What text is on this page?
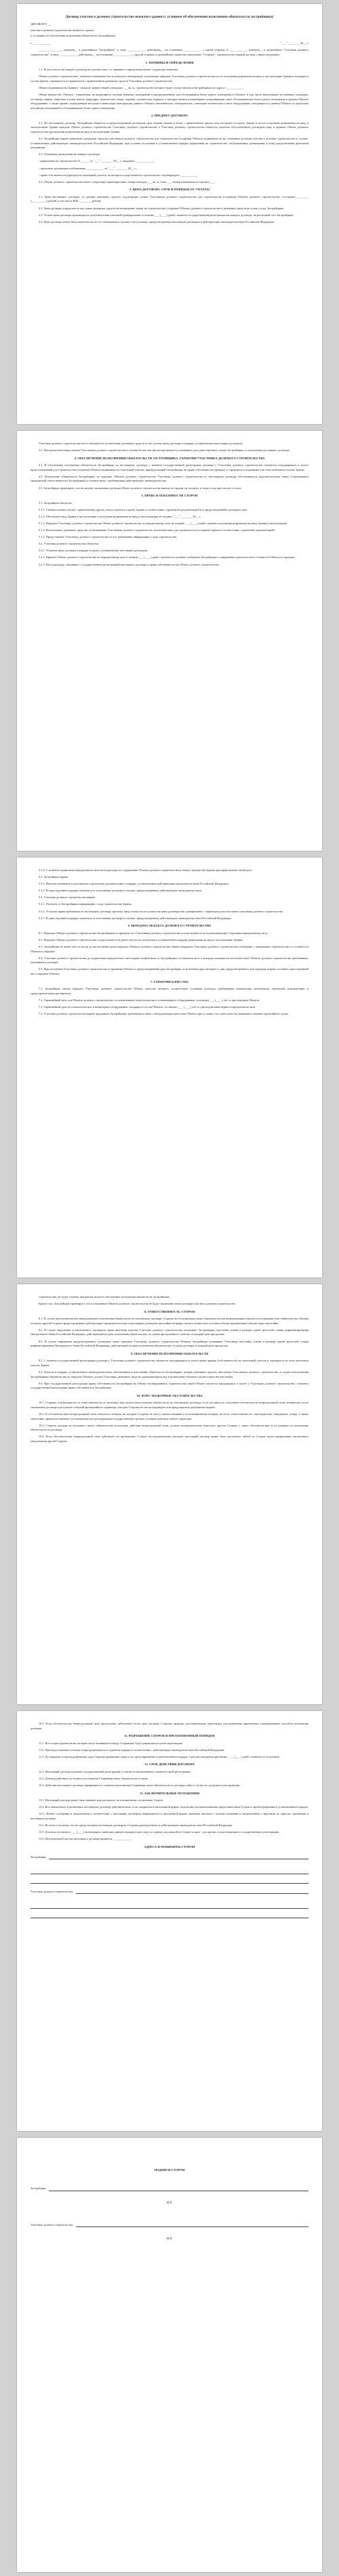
Договор участия в долевом строительстве нежилого здания (с условием об обеспечении исполнения обязательств застройщика)
ДОГОВОР N ___
участия в долевом строительстве нежилого здания
(с условием об обеспечении исполнения обязательств Застройщика)
г. ____________	"___" ________ 20__ г.
________________, именуем__ в дальнейшем "Застройщик", в лице ____________, действующ__ на основании ____________, с одной стороны, и ____________, именуем__ в дальнейшем "Участник долевого строительства", в лице ____________, действующ__ на основании ____________, с другой стороны, в дальнейшем совместно именуемые "Стороны", заключили настоящий договор о нижеследующем:
1. ТЕРМИНЫ И ОПРЕДЕЛЕНИЯ
1.1. Если в тексте настоящего договора не указано иное, то термины и определения имеют следующее значение:
Объект долевого строительства - нежилое помещение (часть нежилого помещения), подлежащее передаче Участнику долевого строительства после получения разрешения на ввод в эксплуатацию Здания и входящее в состав Здания, строящегося (создаваемого) с привлечением денежных средств Участника долевого строительства.
Объект недвижимости (Здание) - нежилое здание общей площадью ___ кв. м, строительство которого будет осуществляться Застройщиком по адресу: ____________.
Общее имущество Объекта - помещения, не являющиеся частями нежилых помещений и предназначенные для обслуживания более одного помещения в Объекте, в том числе межэтажные лестничные площадки, лестницы, лифты, лифтовые и иные шахты, коридоры, технические этажи, чердаки, технические подвалы, в которых имеются инженерные коммуникации, иное обслуживающее более одного помещения в данном Объекте оборудование, а также крыши, ограждающие несущие и ненесущие конструкции данного Объекта, механическое, электрическое, санитарно-техническое и иное оборудование, находящееся в данном Объекте за пределами или внутри помещений и обслуживающее более одного помещения.
2. ПРЕДМЕТ ДОГОВОРА
2.1. По настоящему договору Застройщик обязуется в предусмотренный договором срок своими силами и (или) с привлечением других лиц построить (создать) Здание и после получения разрешения на ввод в эксплуатацию Здания передать Объект долевого строительства Участнику долевого строительства, а Участник долевого строительства обязуется уплатить обусловленную договором цену и принять Объект долевого строительства при наличии разрешения на ввод в эксплуатацию Здания.
2.2. Застройщик вправе привлекать денежные средства участников долевого строительства для строительства (создания) Объекта недвижимости на основании договора участия в долевом строительстве в случаях, установленных действующим законодательством Российской Федерации, при условии получения в установленном порядке разрешения на строительство, опубликования, размещения и (или) представления проектной декларации.
2.3. Основания заключения настоящего договора:
- разрешение на строительство N ______ от "___" ________ 20__ г., выданное ____________;
- проектная декларация опубликована ____________ от "___" ________ 20__ г.;
- право собственности (аренды) на земельный участок, на котором осуществляется строительство, подтверждено ____________.
2.4. Объект долевого строительства имеет следующие характеристики: общая площадь ___ кв. м, этаж ___, номер помещения по проекту ___.
3. ЦЕНА ДОГОВОРА. СРОК И ПОРЯДОК ЕЕ УПЛАТЫ
3.1. Цена настоящего договора, т.е. размер денежных средств, подлежащих уплате Участником долевого строительства для строительства (создания) Объекта долевого строительства, составляет ________ (__________) рублей, в том числе НДС ________ рублей.
3.2. Цена договора определяется как сумма денежных средств на возмещение затрат на строительство (создание) Объекта долевого строительства и денежных средств на оплату услуг Застройщика.
3.3. Уплата цены договора производится путем внесения платежей единовременно в течение ___ (____) дней с момента государственной регистрации настоящего договора, на расчетный счет Застройщика.
3.4. Цена договора может быть изменена после его заключения в случаях и на условиях, предусмотренных настоящим договором и действующим законодательством Российской Федерации.
Участник долевого строительства несет обязанность по внесению денежных средств в счет уплаты цены договора в порядке, установленном настоящим договором.
3.5. Просрочка внесения платежа Участником долевого строительства в течение более чем два месяца является основанием для одностороннего отказа Застройщика от исполнения настоящего договора.
4. ОБЕСПЕЧЕНИЕ ИСПОЛНЕНИЯ ОБЯЗАТЕЛЬСТВ ЗАСТРОЙЩИКА. ГАРАНТИИ УЧАСТНИКА ДОЛЕВОГО СТРОИТЕЛЬСТВА
4.1. В обеспечение исполнения обязательств Застройщика по настоящему договору с момента государственной регистрации договора у Участника долевого строительства считаются находящимися в залоге предоставленный для строительства (создания) Объекта недвижимости земельный участок, принадлежащий Застройщику на праве собственности (аренды), и строящееся (создаваемое) на этом земельном участке Здание.
4.2. Исполнение обязательств Застройщика по передаче Объекта долевого строительства Участнику долевого строительства по настоящему договору обеспечивается поручительством банка (страхованием гражданской ответственности Застройщика) в соответствии с требованиями действующего законодательства.
4.3. Застройщик гарантирует, что на момент заключения договора Объект долевого строительства никому не продан, не заложен, в споре и под арестом не состоит.
5. ПРАВА И ОБЯЗАННОСТИ СТОРОН
5.1. Застройщик обязуется:
5.1.1. Своими силами и (или) с привлечением других лиц построить (создать) Здание в соответствии с проектной документацией и в предусмотренный договором срок.
5.1.2. Обеспечить ввод Здания в эксплуатацию и получение разрешения на ввод в эксплуатацию не позднее "___" ________ 20__ г.
5.1.3. Передать Участнику долевого строительства Объект долевого строительства по передаточному акту не позднее ___ (____) дней с момента получения разрешения на ввод Здания в эксплуатацию.
5.1.4. Использовать денежные средства, уплачиваемые Участником долевого строительства, исключительно для строительства (создания) Здания в соответствии с проектной документацией.
5.1.5. Предоставлять Участнику долевого строительства по его требованию информацию о ходе строительства.
5.2. Участник долевого строительства обязуется:
5.2.1. Уплатить цену договора в порядке и сроки, установленные настоящим договором.
5.2.2. Принять Объект долевого строительства по передаточному акту в течение ___ (____) дней с момента получения сообщения Застройщика о завершении строительства и готовности Объекта к передаче.
5.2.3. Нести расходы, связанные с государственной регистрацией настоящего договора и права собственности на Объект долевого строительства.
5.2.4. С момента подписания передаточного акта нести расходы по содержанию Объекта долевого строительства и общего имущества Здания пропорционально своей доле.
5.3. Застройщик вправе:
5.3.1. Вносить изменения и дополнения в проектную документацию в порядке, установленном действующим законодательством Российской Федерации.
5.3.2. В одностороннем порядке отказаться от исполнения договора в случаях, предусмотренных действующим законодательством.
5.4. Участник долевого строительства вправе:
5.4.1. Получать от Застройщика информацию о ходе строительства Здания.
5.4.2. Уступить права требования по настоящему договору третьему лицу только после уплаты им цены договора или одновременно с переводом долга на нового участника долевого строительства.
5.4.3. В одностороннем порядке отказаться от исполнения договора в случаях, предусмотренных действующим законодательством Российской Федерации.
6. ПЕРЕДАЧА ОБЪЕКТА ДОЛЕВОГО СТРОИТЕЛЬСТВА
6.1. Передача Объекта долевого строительства Застройщиком и принятие его Участником долевого строительства осуществляются по подписываемому Сторонами передаточному акту.
6.2. Передача Объекта долевого строительства осуществляется не ранее чем после получения в установленном порядке разрешения на ввод в эксплуатацию Здания.
6.3. Застройщик не менее чем за месяц до наступления срока передачи Объекта долевого строительства обязан направить Участнику долевого строительства сообщение о завершении строительства и о готовности Объекта к передаче.
6.4. Участник долевого строительства до подписания передаточного акта вправе потребовать от Застройщика составления акта, в котором указывается несоответствие Объекта долевого строительства требованиям, указанным в договоре.
6.5. При уклонении Участника долевого строительства от принятия Объекта в предусмотренный срок Застройщик по истечении двух месяцев со дня, предусмотренного для передачи, вправе составить односторонний акт о передаче Объекта.
7. ГАРАНТИИ КАЧЕСТВА
7.1. Застройщик обязан передать Участнику долевого строительства Объект, качество которого соответствует условиям договора, требованиям технических регламентов, проектной документации и градостроительных регламентов.
7.2. Гарантийный срок для Объекта долевого строительства, за исключением технологического и инженерного оборудования, составляет ___ (____) лет со дня передачи Объекта.
7.3. Гарантийный срок на технологическое и инженерное оборудование, входящее в состав Объекта, составляет ___ (____) лет со дня подписания первого передаточного акта.
7.4. Участник долевого строительства вправе предъявить Застройщику требования в связи с ненадлежащим качеством Объекта при условии, что такое качество выявлено в течение гарантийного срока.
строительства, не будут служить предметом залога в обеспечение исполнения обязательств Застройщика.
Кроме того, Застройщик гарантирует, что в отношении Объекта долевого строительства не будут заключены иные договоры участия в долевом строительстве.
8. ОТВЕТСТВЕННОСТЬ СТОРОН
8.1. В случае неисполнения или ненадлежащего исполнения обязательств по настоящему договору Сторона, не исполнившая своих обязательств или ненадлежащим образом исполнившая свои обязательства, обязана уплатить другой Стороне предусмотренные действующим законодательством и настоящим договором неустойки (штрафы, пени) и возместить в полном объеме причиненные убытки сверх неустойки.
8.2. В случае нарушения установленного договором срока внесения платежа Участник долевого строительства уплачивает Застройщику неустойку (пени) в размере одной трехсотой ставки рефинансирования Центрального банка Российской Федерации, действующей на день исполнения обязательства, от суммы просроченного платежа за каждый день просрочки.
8.3. В случае нарушения предусмотренного договором срока передачи Участнику долевого строительства Объекта Застройщик уплачивает Участнику неустойку (пени) в размере одной трехсотой ставки рефинансирования Центрального банка Российской Федерации, действующей на день исполнения обязательства, от цены договора за каждый день просрочки.
9. ОБЕСПЕЧЕНИЕ ИСПОЛНЕНИЯ ОБЯЗАТЕЛЬСТВ
9.1. С момента государственной регистрации договора у Участника долевого строительства считаются находящимися в залоге право аренды (собственности) на земельный участок и строящееся на этом земельном участке Здание.
9.2. Залогом в порядке, установленном законодательством, обеспечивается исполнение обязательств Застройщика: возврат денежных средств, внесенных Участником долевого строительства, в случае неисполнения Застройщиком обязательства по передаче Объекта; уплата Участнику денежных средств, причитающихся ему в возмещение убытков и (или) в качестве неустойки.
9.3. При государственной регистрации права собственности Застройщика на Объект незавершенного строительства такой Объект считается находящимся в залоге у Участника долевого строительства с момента государственной регистрации права собственности Застройщика.
10. ФОРС-МАЖОРНЫЕ ОБСТОЯТЕЛЬСТВА
10.1. Стороны освобождаются от ответственности за частичное или полное неисполнение обязательств по настоящему договору, если оно явилось следствием обстоятельств непреодолимой силы, возникших после заключения договора в результате событий чрезвычайного характера, которые Стороны не могли предвидеть или предотвратить разумными мерами.
10.2. К обстоятельствам непреодолимой силы относятся события, на которые Стороны не могут оказать влияния и за возникновение которых не несут ответственности: землетрясение, наводнение, пожар, а также забастовка, правительственные постановления или распоряжения государственных органов, военные действия любого характера.
10.3. Сторона, которая не исполняет своего обязательства вследствие действия непреодолимой силы, должна незамедлительно известить другую Сторону о таких обстоятельствах и их влиянии на исполнение обязательств по договору.
10.4. Если обстоятельства непреодолимой силы действуют на протяжении 3 (трех) последовательных месяцев, настоящий договор может быть расторгнут любой из Сторон путем направления письменного уведомления другой Стороне.
10.5. Если обстоятельства непреодолимой силы продолжают действовать более двух месяцев, Стороны проводят дополнительные переговоры для выявления приемлемых альтернативных способов исполнения договора.
11. РАЗРЕШЕНИЕ СПОРОВ И ПРЕТЕНЗИОННЫЙ ПОРЯДОК
11.1. Все споры и разногласия, которые могут возникнуть между Сторонами, будут разрешаться путем переговоров.
11.2. При недостижении согласия споры разрешаются в судебном порядке в соответствии с действующим законодательством Российской Федерации.
11.3. До передачи спора на разрешение суда Стороны принимают меры к его урегулированию в претензионном порядке. Срок рассмотрения претензии - ___ (____) дней с момента ее получения.
12. СРОК ДЕЙСТВИЯ ДОГОВОРА
12.1. Настоящий договор подлежит государственной регистрации и считается заключенным с момента такой регистрации.
12.2. Договор действует до полного исполнения Сторонами своих обязательств по нему.
12.3. Действие настоящего договора прекращается с момента выполнения Сторонами своих обязательств по договору либо в случае его досрочного расторжения.
13. ЗАКЛЮЧИТЕЛЬНЫЕ ПОЛОЖЕНИЯ
13.1. Настоящий договор может быть изменен или расторгнут по письменному соглашению Сторон.
13.2. Все изменения и дополнения к настоящему договору действительны, если совершены в письменной форме, подписаны уполномоченными представителями Сторон и зарегистрированы в установленном порядке.
13.3. Любые сообщения и уведомления в соответствии с настоящим договором направляются в письменной форме заказным письмом с описью вложения и уведомлением о вручении по адресам, указанным в настоящем договоре.
13.4. Во всем остальном, что не предусмотрено настоящим договором, Стороны руководствуются действующим законодательством Российской Федерации.
13.5. Договор составлен в ___ (____) экземплярах, имеющих равную юридическую силу, по одному для каждой из Сторон и один - для органа, осуществляющего государственную регистрацию.
13.6. Неотъемлемой частью настоящего договора являются: ____________.
АДРЕСА И РЕКВИЗИТЫ СТОРОН
Застройщик:
Участник долевого строительства:
ПОДПИСИ СТОРОН
Застройщик:
М.П.
Участник долевого строительства:
М.П.
